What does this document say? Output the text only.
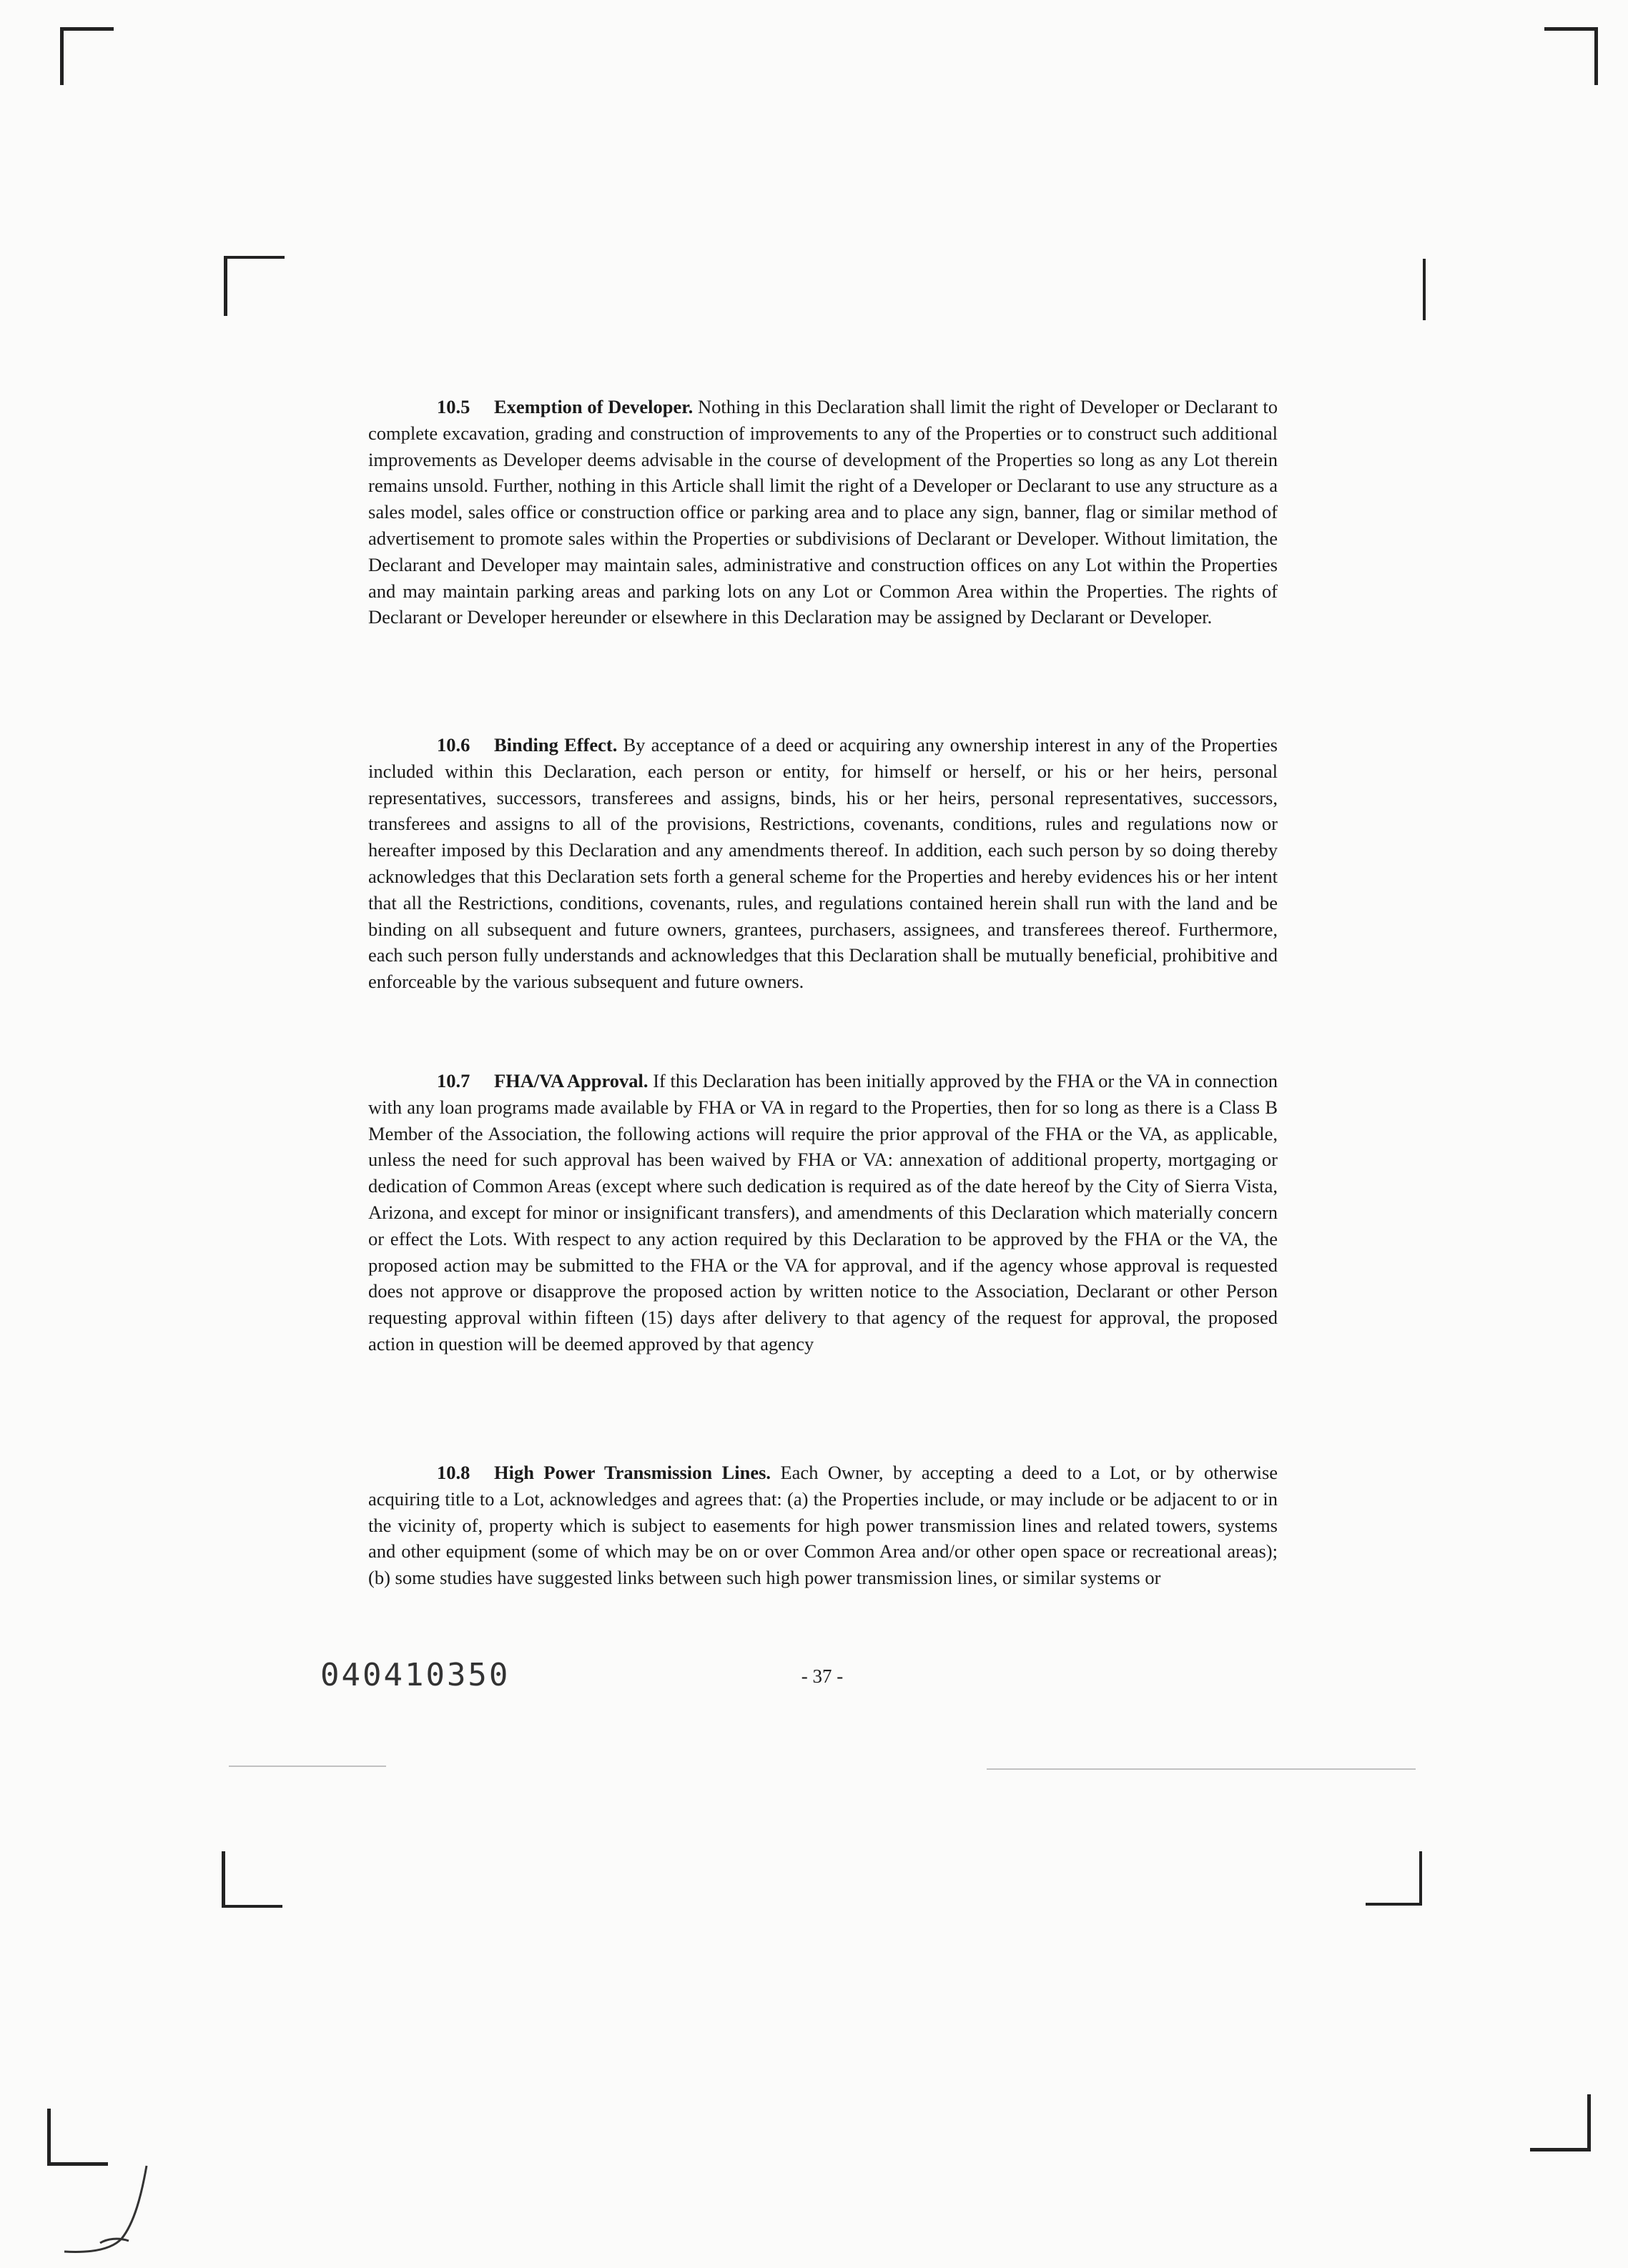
10.5 Exemption of Developer. Nothing in this Declaration shall limit the right of Developer or Declarant to complete excavation, grading and construction of improvements to any of the Properties or to construct such additional improvements as Developer deems advisable in the course of development of the Properties so long as any Lot therein remains unsold. Further, nothing in this Article shall limit the right of a Developer or Declarant to use any structure as a sales model, sales office or construction office or parking area and to place any sign, banner, flag or similar method of advertisement to promote sales within the Properties or subdivisions of Declarant or Developer. Without limitation, the Declarant and Developer may maintain sales, administrative and construction offices on any Lot within the Properties and may maintain parking areas and parking lots on any Lot or Common Area within the Properties. The rights of Declarant or Developer hereunder or elsewhere in this Declaration may be assigned by Declarant or Developer.

10.6 Binding Effect. By acceptance of a deed or acquiring any ownership interest in any of the Properties included within this Declaration, each person or entity, for himself or herself, or his or her heirs, personal representatives, successors, transferees and assigns, binds, his or her heirs, personal representatives, successors, transferees and assigns to all of the provisions, Restrictions, covenants, conditions, rules and regulations now or hereafter imposed by this Declaration and any amendments thereof. In addition, each such person by so doing thereby acknowledges that this Declaration sets forth a general scheme for the Properties and hereby evidences his or her intent that all the Restrictions, conditions, covenants, rules, and regulations contained herein shall run with the land and be binding on all subsequent and future owners, grantees, purchasers, assignees, and transferees thereof. Furthermore, each such person fully understands and acknowledges that this Declaration shall be mutually beneficial, prohibitive and enforceable by the various subsequent and future owners.

10.7 FHA/VA Approval. If this Declaration has been initially approved by the FHA or the VA in connection with any loan programs made available by FHA or VA in regard to the Properties, then for so long as there is a Class B Member of the Association, the following actions will require the prior approval of the FHA or the VA, as applicable, unless the need for such approval has been waived by FHA or VA: annexation of additional property, mortgaging or dedication of Common Areas (except where such dedication is required as of the date hereof by the City of Sierra Vista, Arizona, and except for minor or insignificant transfers), and amendments of this Declaration which materially concern or effect the Lots. With respect to any action required by this Declaration to be approved by the FHA or the VA, the proposed action may be submitted to the FHA or the VA for approval, and if the agency whose approval is requested does not approve or disapprove the proposed action by written notice to the Association, Declarant or other Person requesting approval within fifteen (15) days after delivery to that agency of the request for approval, the proposed action in question will be deemed approved by that agency

10.8 High Power Transmission Lines. Each Owner, by accepting a deed to a Lot, or by otherwise acquiring title to a Lot, acknowledges and agrees that: (a) the Properties include, or may include or be adjacent to or in the vicinity of, property which is subject to easements for high power transmission lines and related towers, systems and other equipment (some of which may be on or over Common Area and/or other open space or recreational areas); (b) some studies have suggested links between such high power transmission lines, or similar systems or

040410350	- 37 -
